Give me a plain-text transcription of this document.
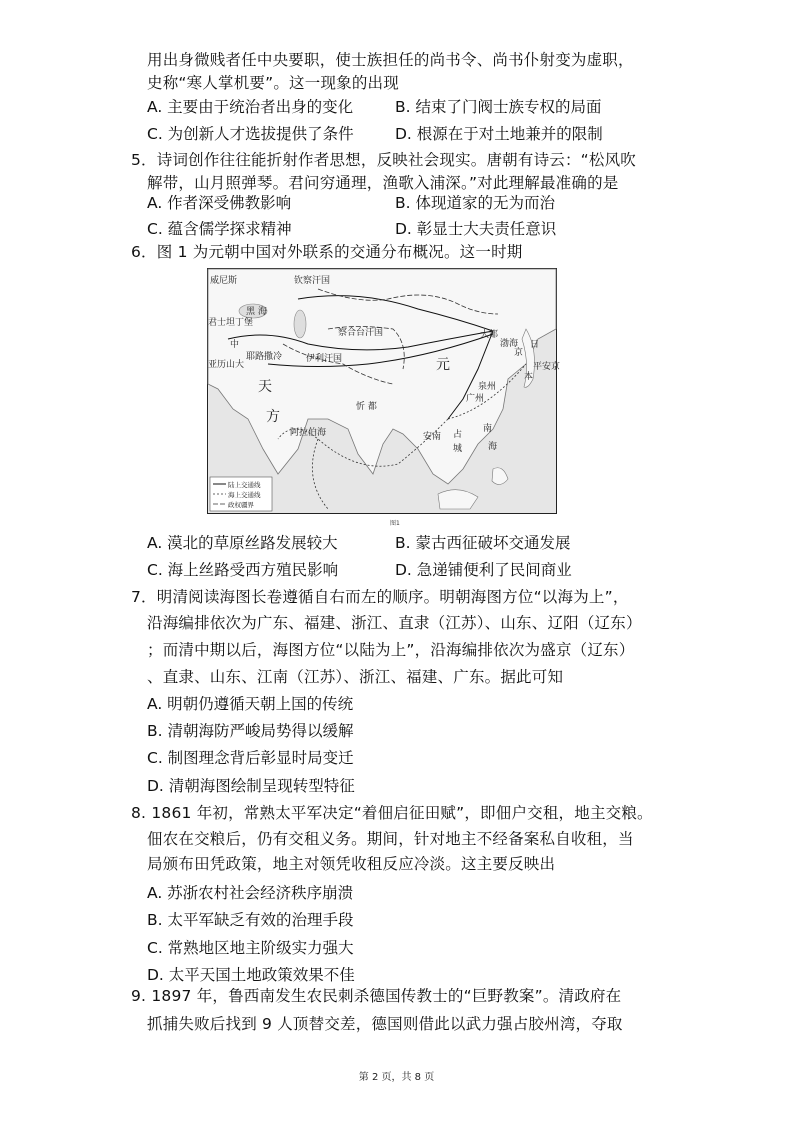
用出身微贱者任中央要职，使士族担任的尚书令、尚书仆射变为虚职，
史称“寒人掌机要”。这一现象的出现
A. 主要由于统治者出身的变化	B. 结束了门阀士族专权的局面
C. 为创新人才选拔提供了条件	D. 根源在于对土地兼并的限制
5．诗词创作往往能折射作者思想，反映社会现实。唐朝有诗云：“松风吹
解带，山月照弹琴。君问穷通理，渔歌入浦深。”对此理解最准确的是
A. 作者深受佛教影响	B. 体现道家的无为而治
C. 蕴含儒学探求精神	D. 彰显士大夫责任意识
6．图 1 为元朝中国对外联系的交通分布概况。这一时期
威尼斯	钦察汗国
黑 海
君士坦丁堡
察合台汗国	大都
渤海 日
本
平安京
亚历山大
耶路撒冷	伊利汗国	元
天
方
忻 都
阿拉伯海
广州
泉州
京
南
海
占
城
安南
中
陆上交通线
海上交通线
政权疆界
图1
A. 漠北的草原丝路发展较大	B. 蒙古西征破坏交通发展
C. 海上丝路受西方殖民影响	D. 急递铺便利了民间商业
7．明清阅读海图长卷遵循自右而左的顺序。明朝海图方位“以海为上”，
沿海编排依次为广东、福建、浙江、直隶（江苏）、山东、辽阳（辽东）
；而清中期以后，海图方位“以陆为上”，沿海编排依次为盛京（辽东）
、直隶、山东、江南（江苏）、浙江、福建、广东。据此可知
A. 明朝仍遵循天朝上国的传统
B. 清朝海防严峻局势得以缓解
C. 制图理念背后彰显时局变迁
D. 清朝海图绘制呈现转型特征
8. 1861 年初，常熟太平军决定“着佃启征田赋”，即佃户交租，地主交粮。
佃农在交粮后，仍有交租义务。期间，针对地主不经备案私自收租，当
局颁布田凭政策，地主对领凭收租反应冷淡。这主要反映出
A. 苏浙农村社会经济秩序崩溃
B. 太平军缺乏有效的治理手段
C. 常熟地区地主阶级实力强大
D. 太平天国土地政策效果不佳
9. 1897 年，鲁西南发生农民刺杀德国传教士的“巨野教案”。清政府在
抓捕失败后找到 9 人顶替交差，德国则借此以武力强占胶州湾，夺取
第 2 页，共 8 页
